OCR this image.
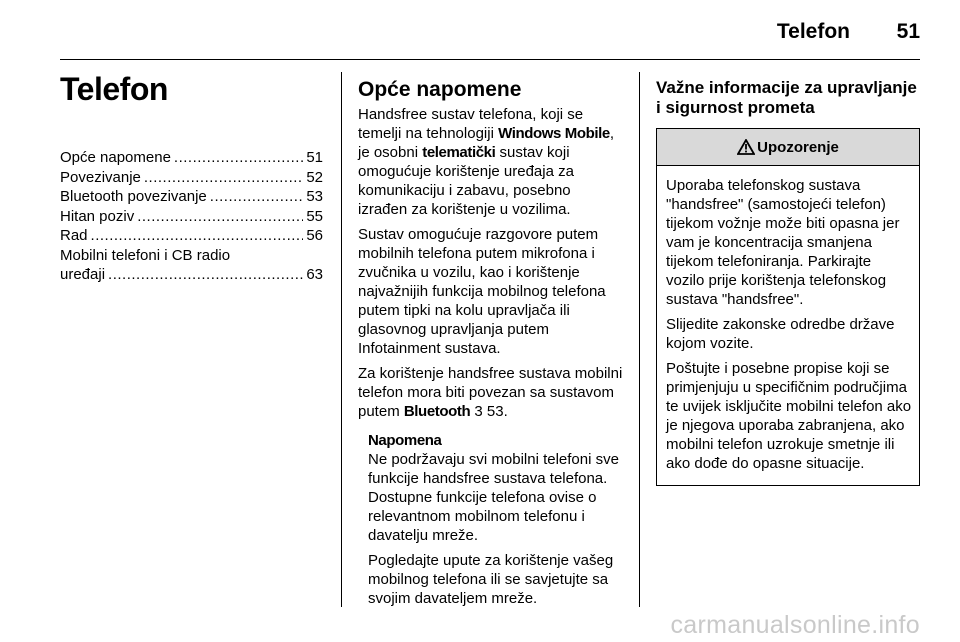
Telefon 51
Telefon
Opće napomene .....	51
Povezivanje .....	52
Bluetooth povezivanje .....	53
Hitan poziv .....	55
Rad .....	56
Mobilni telefoni i CB radio
uređaji .....	63
Opće napomene

Handsfree sustav telefona, koji se temelji na tehnologiji Windows Mobile, je osobni telematički sustav koji omogućuje korištenje uređaja za komunikaciju i zabavu, posebno izrađen za korištenje u vozilima.

Sustav omogućuje razgovore putem mobilnih telefona putem mikrofona i zvučnika u vozilu, kao i korištenje najvažnijih funkcija mobilnog telefona putem tipki na kolu upravljača ili glasovnog upravljanja putem Infotainment sustava.

Za korištenje handsfree sustava mobilni telefon mora biti povezan sa sustavom putem Bluetooth 3 53.

Napomena

Ne podržavaju svi mobilni telefoni sve funkcije handsfree sustava telefona. Dostupne funkcije telefona ovise o relevantnom mobilnom telefonu i davatelju mreže.

Pogledajte upute za korištenje vašeg mobilnog telefona ili se savjetujte sa svojim davateljem mreže.

Važne informacije za upravljanje i sigurnost prometa
Upozorenje

Uporaba telefonskog sustava "handsfree" (samostojeći telefon) tijekom vožnje može biti opasna jer vam je koncentracija smanjena tijekom telefoniranja. Parkirajte vozilo prije korištenja telefonskog sustava "handsfree".

Slijedite zakonske odredbe države kojom vozite.

Poštujte i posebne propise koji se primjenjuju u specifičnim područjima te uvijek isključite mobilni telefon ako je njegova uporaba zabranjena, ako mobilni telefon uzrokuje smetnje ili ako dođe do opasne situacije.

carmanualsonline.info
